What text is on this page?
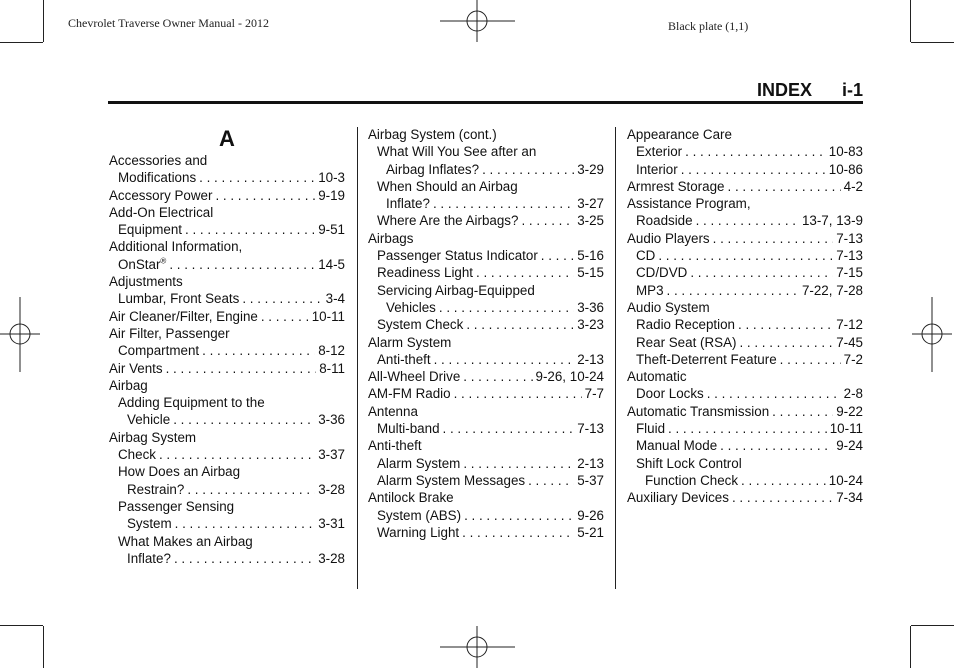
Chevrolet Traverse Owner Manual - 2012	Black plate (1,1)
INDEX i-1
A
Accessories and
Modifications . . .	10-3
Accessory Power . . .	9-19
Add-On Electrical
Equipment . . .	9-51
Additional Information,
OnStar® . . .	14-5
Adjustments
Lumbar, Front Seats . . .	3-4
Air Cleaner/Filter, Engine . . .	10-11
Air Filter, Passenger
Compartment . . .	8-12
Air Vents . . .	8-11
Airbag
Adding Equipment to the
Vehicle . . .	3-36
Airbag System
Check . . .	3-37
How Does an Airbag
Restrain? . . .	3-28
Passenger Sensing
System . . .	3-31
What Makes an Airbag
Inflate? . . .	3-28
Airbag System (cont.)
What Will You See after an
Airbag Inflates? . . .	3-29
When Should an Airbag
Inflate? . . .	3-27
Where Are the Airbags? . . .	3-25
Airbags
Passenger Status Indicator . . .	5-16
Readiness Light . . .	5-15
Servicing Airbag-Equipped
Vehicles . . .	3-36
System Check . . .	3-23
Alarm System
Anti-theft . . .	2-13
All-Wheel Drive . . .	9-26, 10-24
AM-FM Radio . . .	7-7
Antenna
Multi-band . . .	7-13
Anti-theft
Alarm System . . .	2-13
Alarm System Messages . . .	5-37
Antilock Brake
System (ABS) . . .	9-26
Warning Light . . .	5-21
Appearance Care
Exterior . . .	10-83
Interior . . .	10-86
Armrest Storage . . .	4-2
Assistance Program,
Roadside . . .	13-7, 13-9
Audio Players . . .	7-13
CD . . .	7-13
CD/DVD . . .	7-15
MP3 . . .	7-22, 7-28
Audio System
Radio Reception . . .	7-12
Rear Seat (RSA) . . .	7-45
Theft-Deterrent Feature . . .	7-2
Automatic
Door Locks . . .	2-8
Automatic Transmission . . .	9-22
Fluid . . .	10-11
Manual Mode . . .	9-24
Shift Lock Control
Function Check . . .	10-24
Auxiliary Devices . . .	7-34
